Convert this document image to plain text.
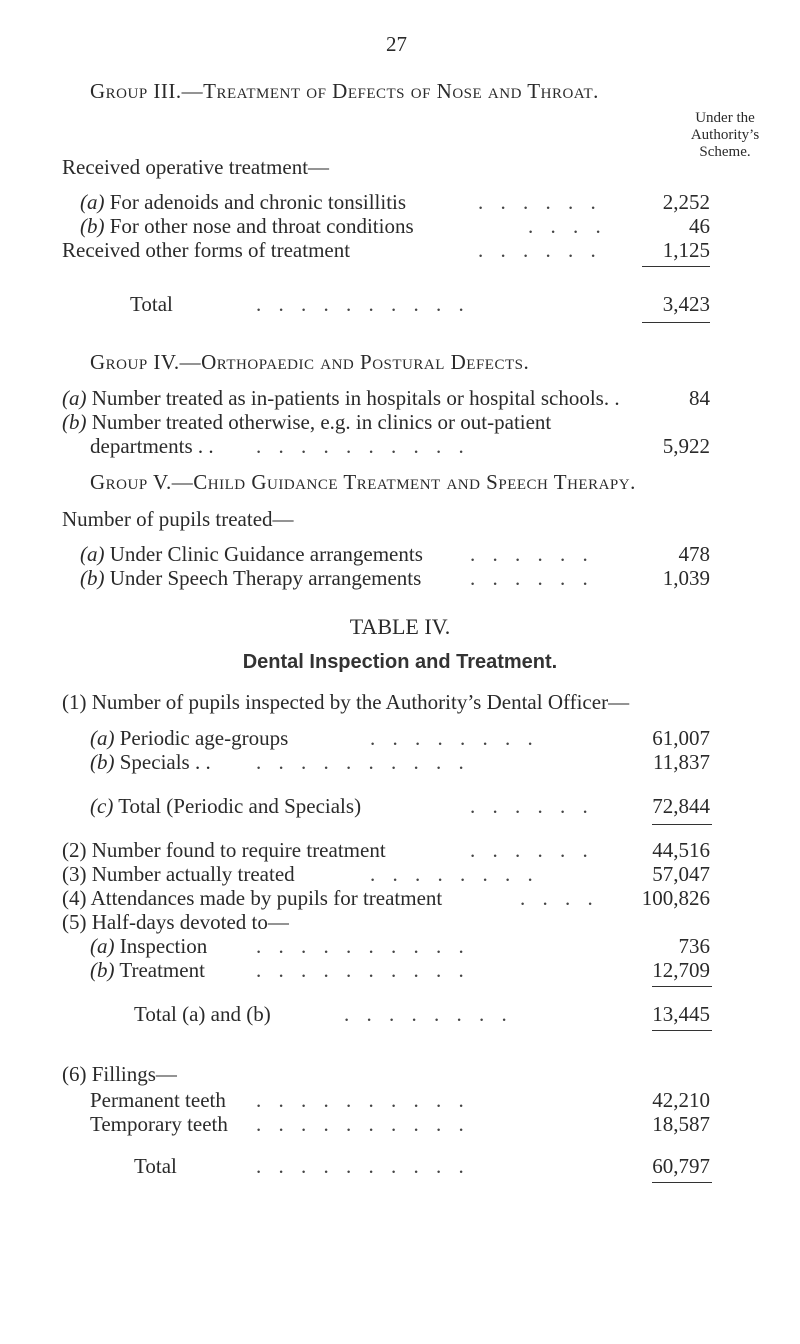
27
Group III.—Treatment of Defects of Nose and Throat.
Under the
Authority’s
Scheme.
Received operative treatment—
(a) For adenoids and chronic tonsillitis	. . . . . .	2,252
(b) For other nose and throat conditions	. . . .	46
Received other forms of treatment	. . . . . .	1,125
Total	. . . . . . . . . .	3,423
Group IV.—Orthopaedic and Postural Defects.
(a) Number treated as in-patients in hospitals or hospital schools. .	84
(b) Number treated otherwise, e.g. in clinics or out-patient
departments . . . . . . . . . . . .	5,922
Group V.—Child Guidance Treatment and Speech Therapy.
Number of pupils treated—
(a) Under Clinic Guidance arrangements . . . . . .	478
(b) Under Speech Therapy arrangements . . . . . .	1,039
TABLE IV.
Dental Inspection and Treatment.
(1) Number of pupils inspected by the Authority’s Dental Officer—
(a) Periodic age-groups	. . . . . . . .	61,007
(b) Specials . . . . . . . . . . . .	11,837
(c) Total (Periodic and Specials)	. . . . . .	72,844
(2) Number found to require treatment	. . . . . .	44,516
(3) Number actually treated	. . . . . . . .	57,047
(4) Attendances made by pupils for treatment	. . . .	100,826
(5) Half-days devoted to—
(a) Inspection . . . . . . . . . .	736
(b) Treatment . . . . . . . . . .	12,709
Total (a) and (b)	. . . . . . . .	13,445
(6) Fillings—
Permanent teeth . . . . . . . . . .	42,210
Temporary teeth . . . . . . . . . .	18,587
Total	. . . . . . . . . .	60,797
